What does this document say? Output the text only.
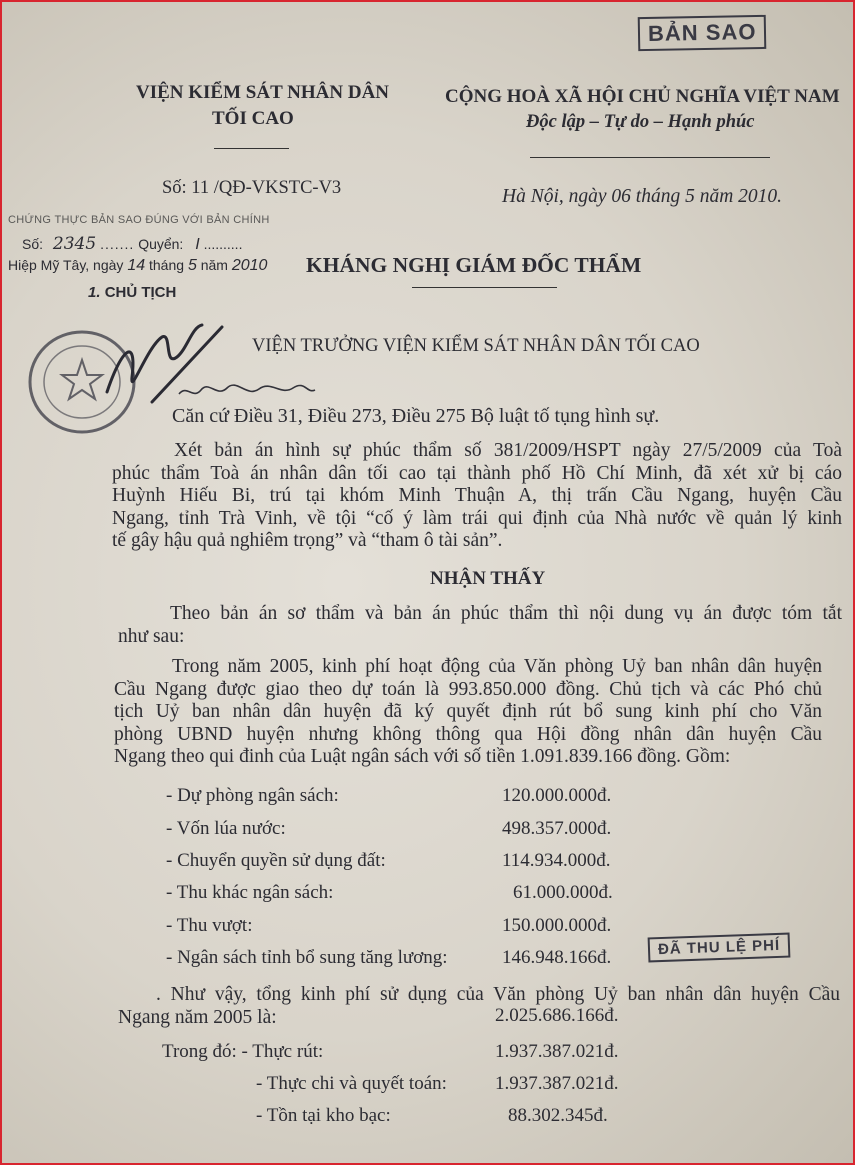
BẢN SAO
VIỆN KIỂM SÁT NHÂN DÂN
TỐI CAO
CỘNG HOÀ XÃ HỘI CHỦ NGHĨA VIỆT NAM
Độc lập – Tự do – Hạnh phúc
Số: 11 /QĐ-VKSTC-V3	Hà Nội, ngày 06 tháng 5 năm 2010.
CHỨNG THỰC BẢN SAO ĐÚNG VỚI BẢN CHÍNH
Số: 2345 ....... Quyển: I ..........
Hiệp Mỹ Tây, ngày 14 tháng 5 năm 2010
1. CHỦ TỊCH
KHÁNG NGHỊ GIÁM ĐỐC THẨM
VIỆN TRƯỞNG VIỆN KIỂM SÁT NHÂN DÂN TỐI CAO
Căn cứ Điều 31, Điều 273, Điều 275 Bộ luật tố tụng hình sự.
Xét bản án hình sự phúc thẩm số 381/2009/HSPT ngày 27/5/2009 của Toà
phúc thẩm Toà án nhân dân tối cao tại thành phố Hồ Chí Minh, đã xét xử bị cáo
Huỳnh Hiếu Bi, trú tại khóm Minh Thuận A, thị trấn Cầu Ngang, huyện Cầu
Ngang, tỉnh Trà Vinh, về tội “cố ý làm trái qui định của Nhà nước về quản lý kinh
tế gây hậu quả nghiêm trọng” và “tham ô tài sản”.
NHẬN THẤY
Theo bản án sơ thẩm và bản án phúc thẩm thì nội dung vụ án được tóm tắt
như sau:
Trong năm 2005, kinh phí hoạt động của Văn phòng Uỷ ban nhân dân huyện
Cầu Ngang được giao theo dự toán là 993.850.000 đồng. Chủ tịch và các Phó chủ
tịch Uỷ ban nhân dân huyện đã ký quyết định rút bổ sung kinh phí cho Văn
phòng UBND huyện nhưng không thông qua Hội đồng nhân dân huyện Cầu
Ngang theo qui đinh của Luật ngân sách với số tiền 1.091.839.166 đồng. Gồm:
- Dự phòng ngân sách:	120.000.000đ.
- Vốn lúa nước:	498.357.000đ.
- Chuyển quyền sử dụng đất:	114.934.000đ.
- Thu khác ngân sách:	61.000.000đ.
- Thu vượt:	150.000.000đ.
- Ngân sách tỉnh bổ sung tăng lương:	146.948.166đ.	ĐÃ THU LỆ PHÍ
. Như vậy, tổng kinh phí sử dụng của Văn phòng Uỷ ban nhân dân huyện Cầu
Ngang năm 2005 là:	2.025.686.166đ.
Trong đó: - Thực rút:	1.937.387.021đ.
- Thực chi và quyết toán:	1.937.387.021đ.
- Tồn tại kho bạc:	88.302.345đ.
